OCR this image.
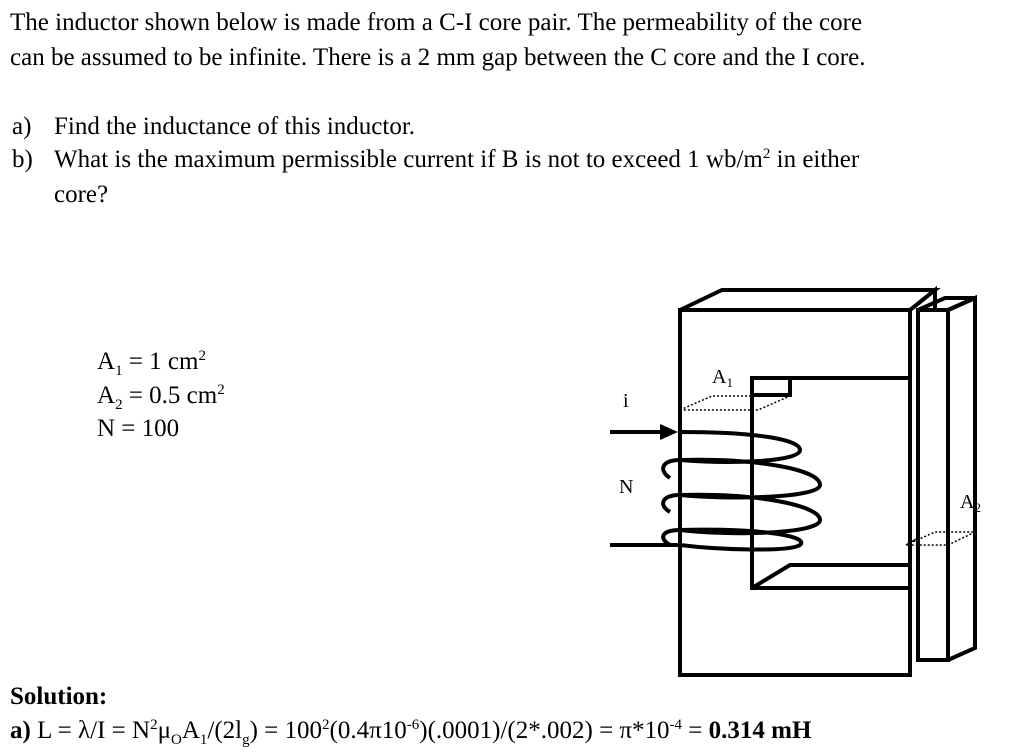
The inductor shown below is made from a C-I core pair. The permeability of the core
can be assumed to be infinite. There is a 2 mm gap between the C core and the I core.
a) Find the inductance of this inductor.
b) What is the maximum permissible current if B is not to exceed 1 $wb/m^2$ in either
core?
$A_1 = 1$ $cm^2$
$A_2 = 0.5$ $cm^2$
N = 100
i
N
$A_1$
$A_2$
Solution:
a) $L = \lambda/I = N^2\mu_OA_1/(2l_g) = 100^2(0.4\pi 10^{-6})(.0001)/(2*.002) = \pi*10^{-4} = 0.314$ mH
